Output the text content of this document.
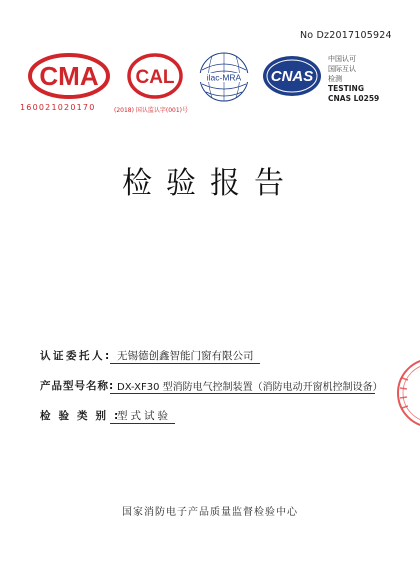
No Dz2017105924
CMA
160021020170
CAL
(2018) 国认监认字(001)号
ilac-MRA CNAS
中国认可
国际互认
检测
TESTING
CNAS L0259
检验报告
认证委托人: 无锡德创鑫智能门窗有限公司
产品型号名称: DX-XF30 型消防电气控制装置（消防电动开窗机控制设备）
检验类别:
型式试验
国家消防电子产品质量监督检验中心
